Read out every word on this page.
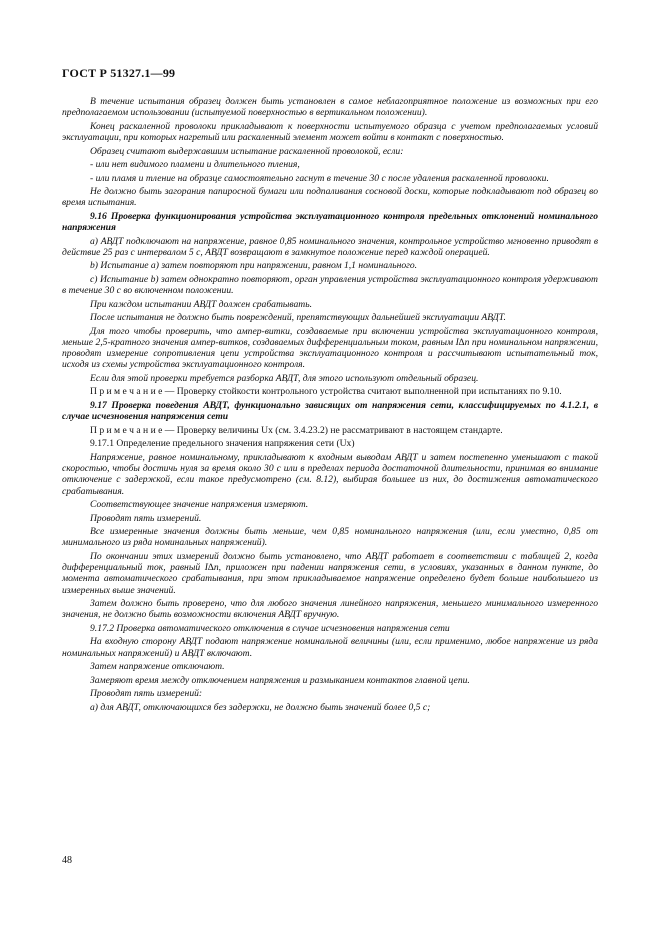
ГОСТ Р 51327.1—99

В течение испытания образец должен быть установлен в самое неблагоприятное положение из возможных при его предполагаемом использовании (испытуемой поверхностью в вертикальном положении).

Конец раскаленной проволоки прикладывают к поверхности испытуемого образца с учетом предполагаемых условий эксплуатации, при которых нагретый или раскаленный элемент может войти в контакт с поверхностью.

Образец считают выдержавшим испытание раскаленной проволокой, если:

- или нет видимого пламени и длительного тления,

- или пламя и тление на образце самостоятельно гаснут в течение 30 с после удаления раскаленной проволоки.

Не должно быть загорания папиросной бумаги или подпаливания сосновой доски, которые подкладывают под образец во время испытания.

9.16 Проверка функционирования устройства эксплуатационного контроля предельных отклонений номинального напряжения

а) АВДТ подключают на напряжение, равное 0,85 номинального значения, контрольное устройство мгновенно приводят в действие 25 раз с интервалом 5 с, АВДТ возвращают в замкнутое положение перед каждой операцией.

b) Испытание а) затем повторяют при напряжении, равном 1,1 номинального.

с) Испытание b) затем однократно повторяют, орган управления устройства эксплуатационного контроля удерживают в течение 30 с во включенном положении.

При каждом испытании АВДТ должен срабатывать.

После испытания не должно быть повреждений, препятствующих дальнейшей эксплуатации АВДТ.

Для того чтобы проверить, что ампер-витки, создаваемые при включении устройства эксплуатационного контроля, меньше 2,5-кратного значения ампер-витков, создаваемых дифференциальным током, равным I∆n при номинальном напряжении, проводят измерение сопротивления цепи устройства эксплуатационного контроля и рассчитывают испытательный ток, исходя из схемы устройства эксплуатационного контроля.

Если для этой проверки требуется разборка АВДТ, для этого используют отдельный образец.

П р и м е ч а н и е — Проверку стойкости контрольного устройства считают выполненной при испытаниях по 9.10.

9.17 Проверка поведения АВДТ, функционально зависящих от напряжения сети, классифицируемых по 4.1.2.1, в случае исчезновения напряжения сети

П р и м е ч а н и е — Проверку величины Ux (см. 3.4.23.2) не рассматривают в настоящем стандарте.

9.17.1 Определение предельного значения напряжения сети (Ux)

Напряжение, равное номинальному, прикладывают к входным выводам АВДТ и затем постепенно уменьшают с такой скоростью, чтобы достичь нуля за время около 30 с или в пределах периода достаточной длительности, принимая во внимание отключение с задержкой, если такое предусмотрено (см. 8.12), выбирая большее из них, до достижения автоматического срабатывания.

Соответствующее значение напряжения измеряют.

Проводят пять измерений.

Все измеренные значения должны быть меньше, чем 0,85 номинального напряжения (или, если уместно, 0,85 от минимального из ряда номинальных напряжений).

По окончании этих измерений должно быть установлено, что АВДТ работает в соответствии с таблицей 2, когда дифференциальный ток, равный I∆n, приложен при падении напряжения сети, в условиях, указанных в данном пункте, до момента автоматического срабатывания, при этом прикладываемое напряжение определено будет больше наибольшего из измеренных выше значений.

Затем должно быть проверено, что для любого значения линейного напряжения, меньшего минимального измеренного значения, не должно быть возможности включения АВДТ вручную.

9.17.2 Проверка автоматического отключения в случае исчезновения напряжения сети

На входную сторону АВДТ подают напряжение номинальной величины (или, если применимо, любое напряжение из ряда номинальных напряжений) и АВДТ включают.

Затем напряжение отключают.

Замеряют время между отключением напряжения и размыканием контактов главной цепи.

Проводят пять измерений:

а) для АВДТ, отключающихся без задержки, не должно быть значений более 0,5 с;

48
